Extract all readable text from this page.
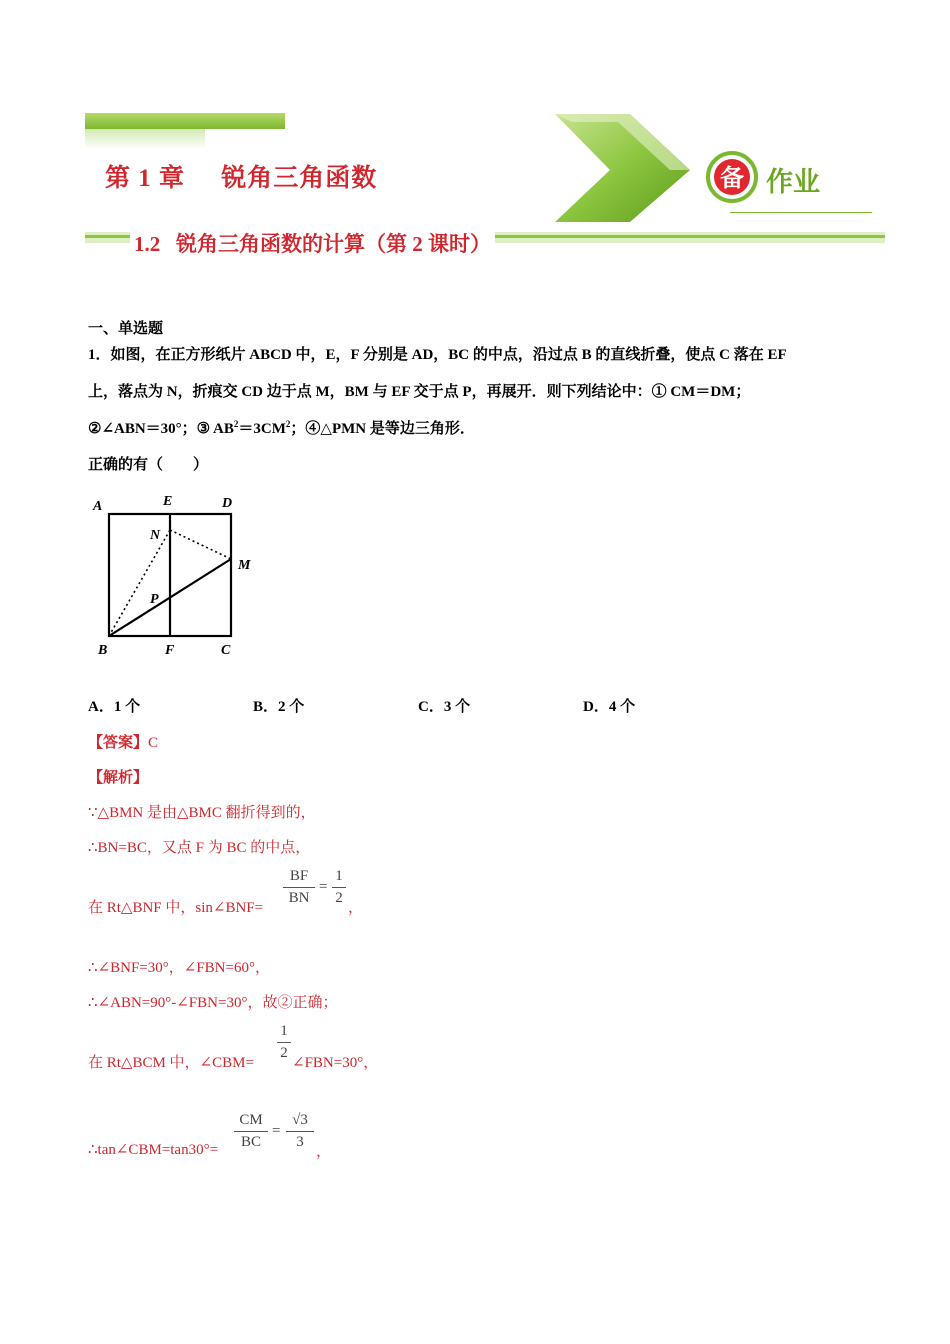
第 1 章 锐角三角函数	备 作业
1.2   锐角三角函数的计算（第 2 课时）
一、单选题
1．如图，在正方形纸片 ABCD 中，E，F 分别是 AD，BC 的中点，沿过点 B 的直线折叠，使点 C 落在 EF
上，落点为 N，折痕交 CD 边于点 M，BM 与 EF 交于点 P，再展开．则下列结论中：① CM＝DM；
②∠ABN＝30°；③ $AB^2=3CM^2$；④△PMN 是等边三角形．
正确的有（　　）
A	E	D
N
M
P
B	F	C
A．1 个	B．2 个	C．3 个	D．4 个
【答案】C
【解析】
∵△BMN 是由△BMC 翻折得到的，
∴BN=BC，又点 F 为 BC 的中点，
在 Rt△BNF 中，sin∠BNF=
BF
BN
=
1
2
，
∴∠BNF=30°，∠FBN=60°，
∴∠ABN=90°-∠FBN=30°，故②正确；
在 Rt△BCM 中，∠CBM=
1
2
∠FBN=30°，
∴tan∠CBM=tan30°=
CM
BC
=
√3
3
，
